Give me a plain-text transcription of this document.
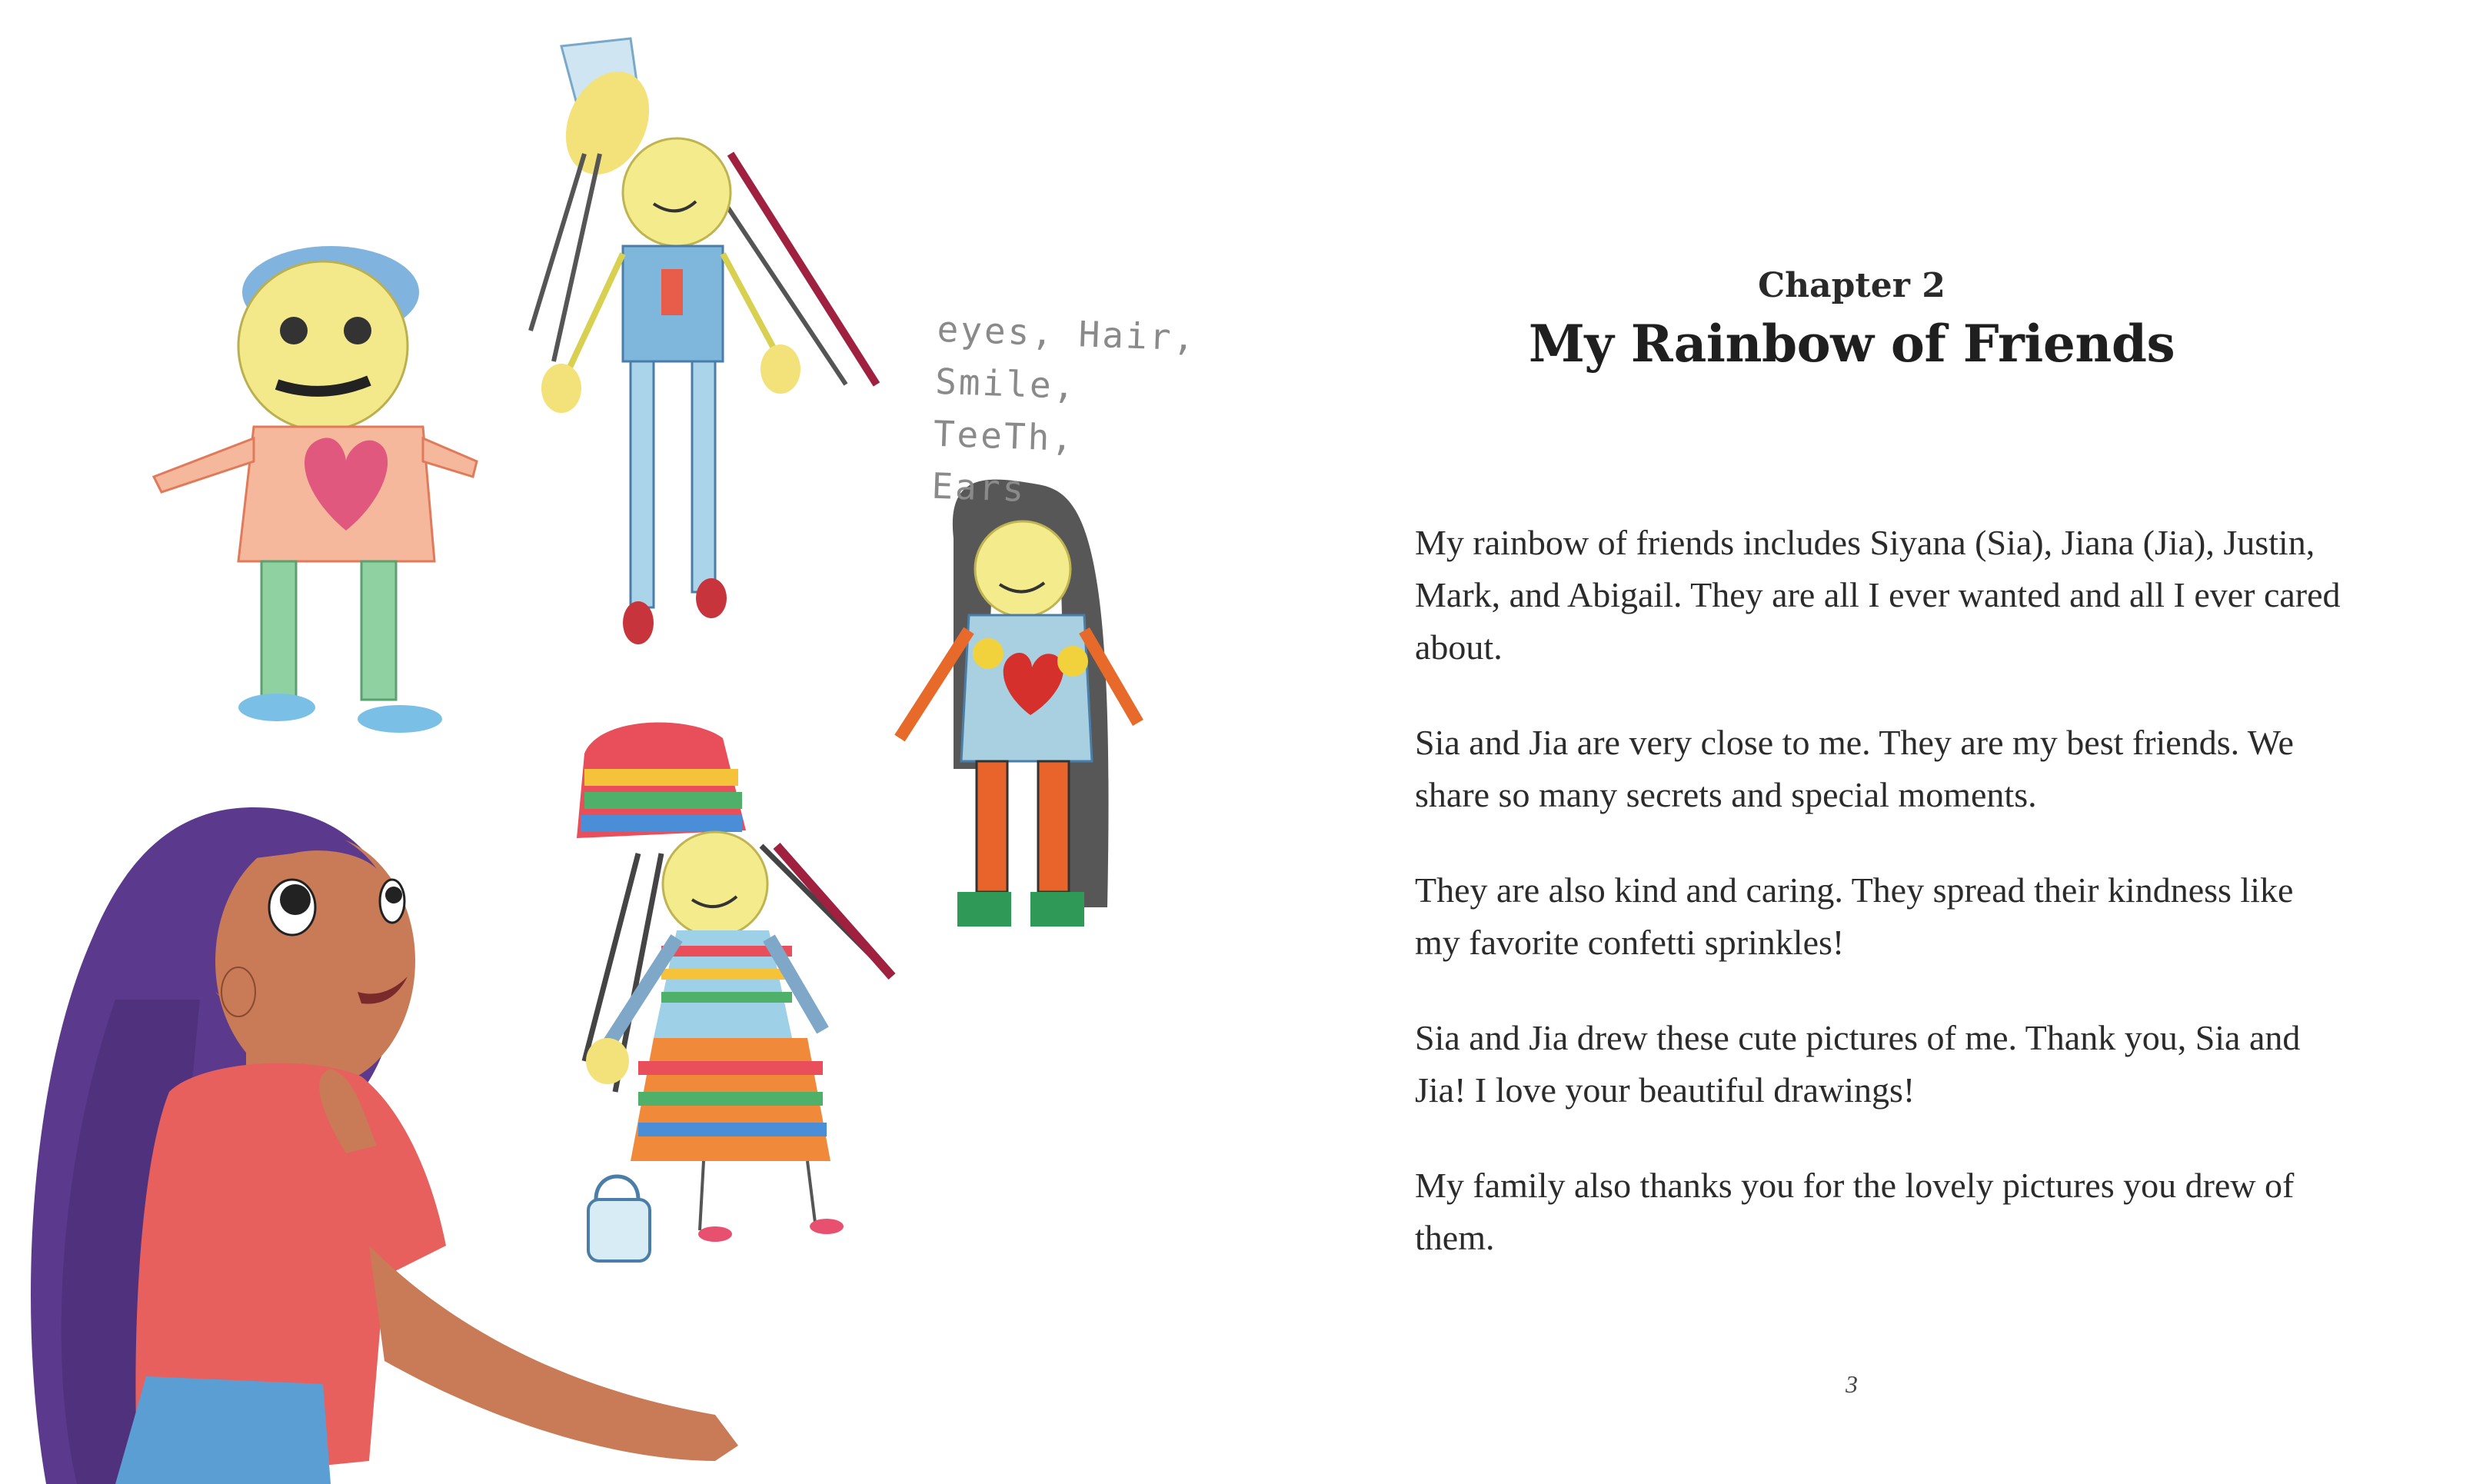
eyes, Hair,
Smile, TeeTh,
Ears
Chapter 2
My Rainbow of Friends

My rainbow of friends includes Siyana (Sia), Jiana (Jia), Justin, Mark, and Abigail. They are all I ever wanted and all I ever cared about.

Sia and Jia are very close to me. They are my best friends. We share so many secrets and special moments.

They are also kind and caring. They spread their kindness like my favorite confetti sprinkles!

Sia and Jia drew these cute pictures of me. Thank you, Sia and Jia! I love your beautiful drawings!

My family also thanks you for the lovely pictures you drew of them.

3
